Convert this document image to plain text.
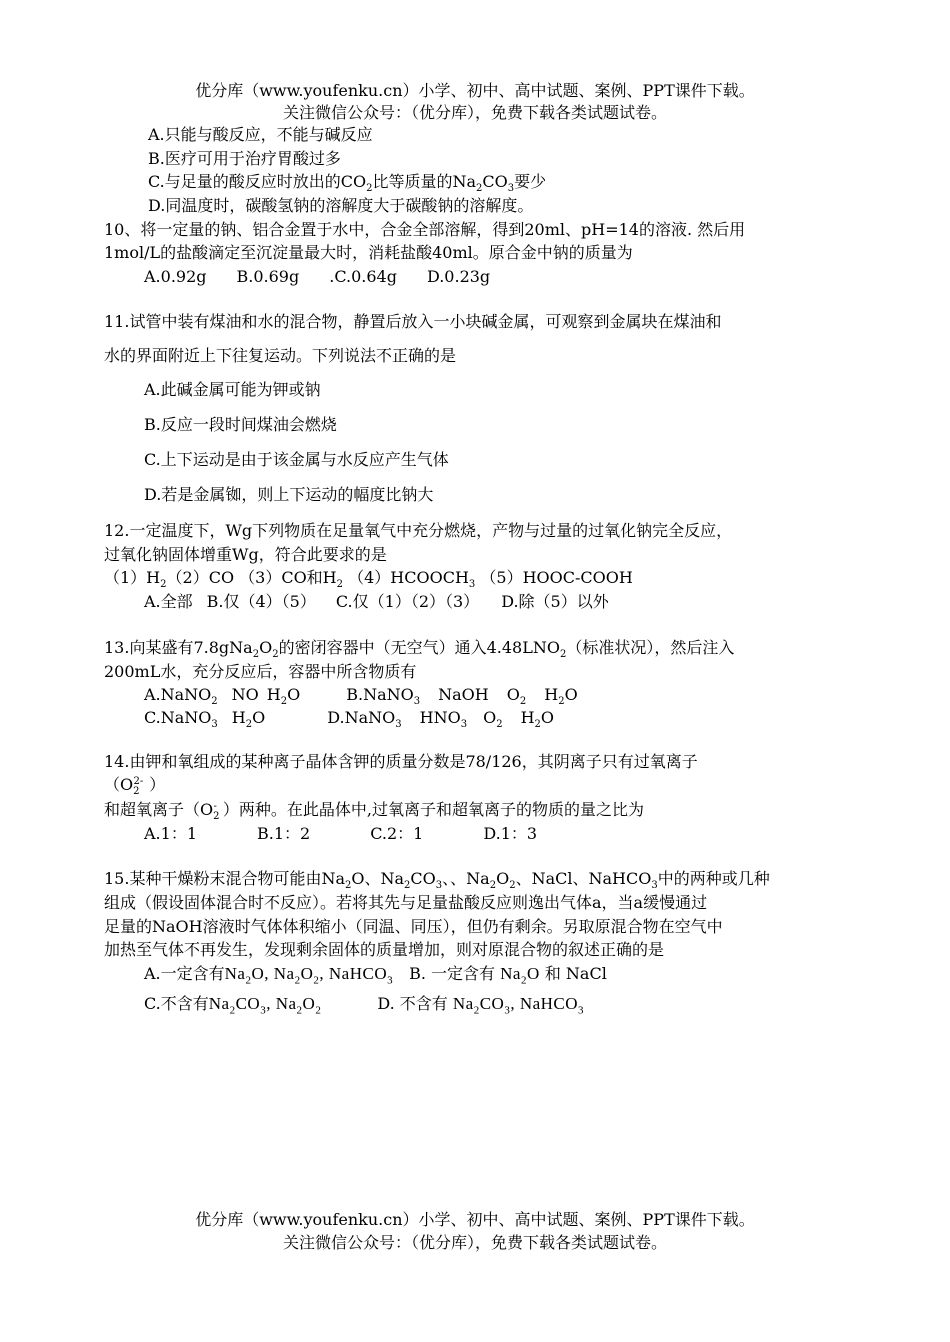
优分库（www.youfenku.cn）小学、初中、高中试题、案例、PPT课件下载。
关注微信公众号：（优分库），免费下载各类试题试卷。
A.只能与酸反应，不能与碱反应
B.医疗可用于治疗胃酸过多
C.与足量的酸反应时放出的$CO_2$比等质量的$Na_2CO_3$要少
D.同温度时，碳酸氢钠的溶解度大于碳酸钠的溶解度。
10、将一定量的钠、铝合金置于水中，合金全部溶解，得到20ml、pH=14的溶液. 然后用
1mol/L的盐酸滴定至沉淀量最大时，消耗盐酸40ml。原合金中钠的质量为
A.0.92g B.0.69g .C.0.64g D.0.23g
11.试管中装有煤油和水的混合物，静置后放入一小块碱金属，可观察到金属块在煤油和
水的界面附近上下往复运动。下列说法不正确的是
A.此碱金属可能为钾或钠
B.反应一段时间煤油会燃烧
C.上下运动是由于该金属与水反应产生气体
D.若是金属铷，则上下运动的幅度比钠大
12.一定温度下，Wg下列物质在足量氧气中充分燃烧，产物与过量的过氧化钠完全反应，
过氧化钠固体增重Wg，符合此要求的是
$(1)H_2(2)CO$ （3）CO和$H_2$ $(4)HCOOCH_3$ （5）HOOC-COOH
A.全部 B.仅（4）（5） C.仅（1）（2）（3） D.除（5）以外
13.向某盛有$7.8gNa_2O_2$的密闭容器中（无空气）通入$4.48LNO_2$（标准状况），然后注入
200mL水，充分反应后，容器中所含物质有
A.NaNO$_2$ NO $H_2O$	B.NaNO$_3$ NaOH $O_2$ $H_2O$
C.NaNO$_3$ $H_2O$	D.NaNO$_3$ $HNO_3$ $O_2$ $H_2O$
14.由钾和氧组成的某种离子晶体含钾的质量分数是78/126，其阴离子只有过氧离子
（$O_2^{2-}$ ）
和超氧离子（$O_2^-$ ）两种。在此晶体中,过氧离子和超氧离子的物质的量之比为
A.1：1	B.1：2	C.2：1	D.1：3
15.某种干燥粉末混合物可能由$Na_2O$、$Na_2CO_3$、、$Na_2O_2$、NaCl、NaHCO$_3$中的两种或几种
组成（假设固体混合时不反应）。若将其先与足量盐酸反应则逸出气体a，当a缓慢通过
足量的NaOH溶液时气体体积缩小（同温、同压），但仍有剩余。另取原混合物在空气中
加热至气体不再发生，发现剩余固体的质量增加，则对原混合物的叙述正确的是
A.一定含有$Na_2O$, $Na_2O_2$, NaHCO$_3$ B. 一定含有 $Na_2O$ 和 NaCl
C.不含有$Na_2CO_3$, $Na_2O_2$	D. 不含有 $Na_2CO_3$, NaHCO$_3$
优分库（www.youfenku.cn）小学、初中、高中试题、案例、PPT课件下载。
关注微信公众号：（优分库），免费下载各类试题试卷。
